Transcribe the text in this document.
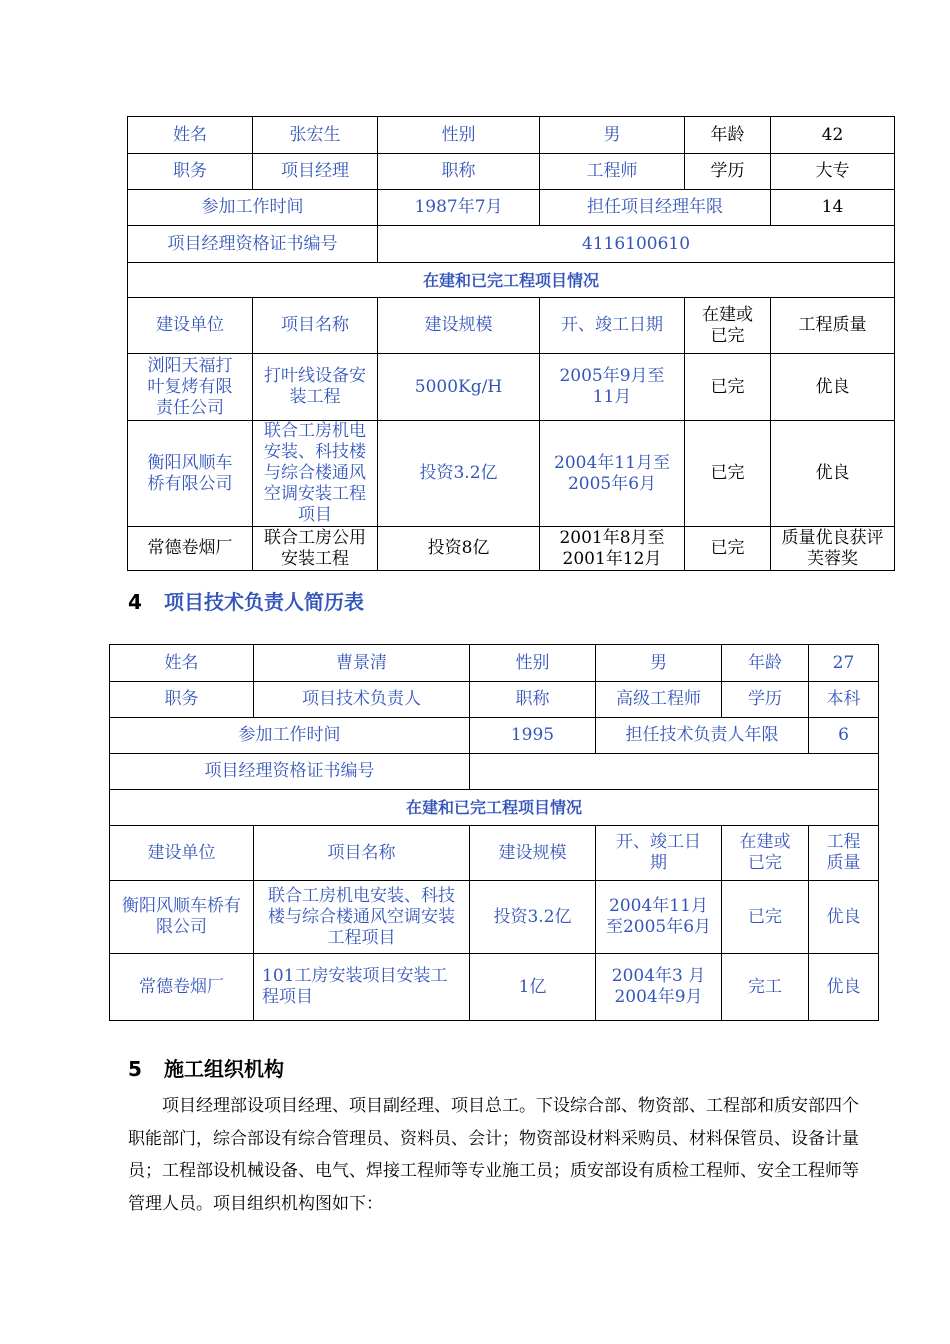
姓名	张宏生	性别	男	年龄	42
职务	项目经理	职称	工程师	学历	大专
参加工作时间		1987年7月	担任项目经理年限		14
项目经理资格证书编号		4116100610			
在建和已完工程项目情况					
建设单位	项目名称	建设规模	开、竣工日期	在建或已完	工程质量
浏阳天福打叶复烤有限责任公司	打叶线设备安装工程	5000Kg/H	2005年9月至11月	已完	优良
衡阳风顺车桥有限公司	联合工房机电安装、科技楼与综合楼通风空调安装工程项目	投资3.2亿	2004年11月至2005年6月	已完	优良
常德卷烟厂	联合工房公用安装工程	投资8亿	2001年8月至2001年12月	已完	质量优良获评芙蓉奖
4 项目技术负责人简历表
姓名	曹景清	性别	男	年龄	27
职务	项目技术负责人	职称	高级工程师	学历	本科
参加工作时间		1995	担任技术负责人年限		6
项目经理资格证书编号					
在建和已完工程项目情况					
建设单位	项目名称	建设规模	开、竣工日期	在建或已完	工程质量
衡阳风顺车桥有限公司	联合工房机电安装、科技楼与综合楼通风空调安装工程项目	投资3.2亿	2004年11月至2005年6月	已完	优良
常德卷烟厂	101工房安装项目安装工程项目	1亿	2004年3 月2004年9月	完工	优良
5 施工组织机构

项目经理部设项目经理、项目副经理、项目总工。下设综合部、物资部、工程部和质安部四个职能部门，综合部设有综合管理员、资料员、会计；物资部设材料采购员、材料保管员、设备计量员；工程部设机械设备、电气、焊接工程师等专业施工员；质安部设有质检工程师、安全工程师等管理人员。项目组织机构图如下：
